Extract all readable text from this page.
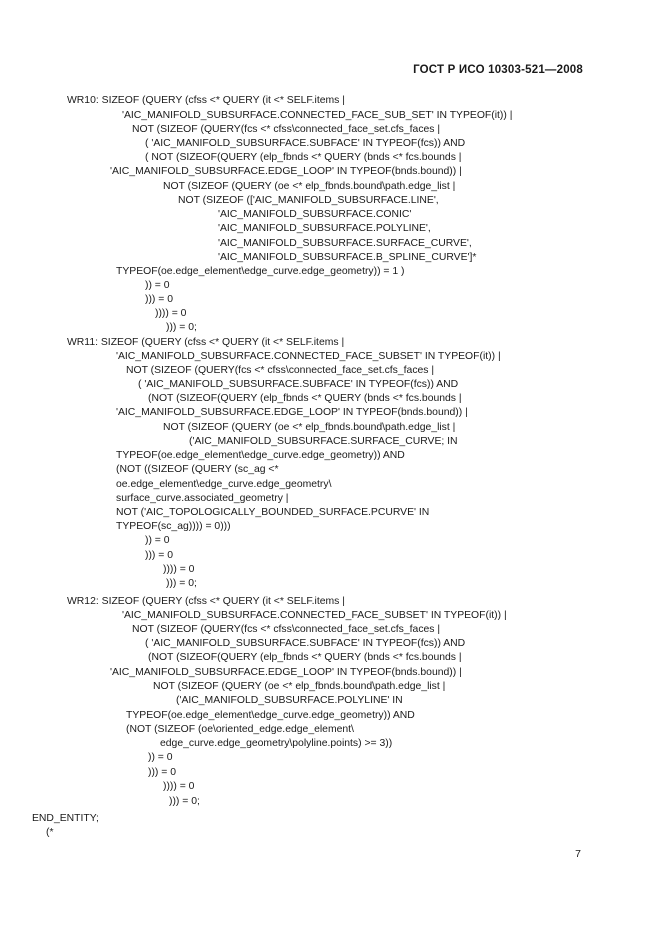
ГОСТ Р ИСО 10303-521—2008
WR10: SIZEOF (QUERY (cfss <* QUERY (it <* SELF.items |
'AIC_MANIFOLD_SUBSURFACE.CONNECTED_FACE_SUB_SET' IN TYPEOF(it)) |
NOT (SIZEOF (QUERY(fcs <* cfss\connected_face_set.cfs_faces |
( 'AIC_MANIFOLD_SUBSURFACE.SUBFACE' IN TYPEOF(fcs)) AND
( NOT (SIZEOF(QUERY (elp_fbnds <* QUERY (bnds <* fcs.bounds |
'AIC_MANIFOLD_SUBSURFACE.EDGE_LOOP' IN TYPEOF(bnds.bound)) |
NOT (SIZEOF (QUERY (oe <* elp_fbnds.bound\path.edge_list |
NOT (SIZEOF (['AIC_MANIFOLD_SUBSURFACE.LINE',
'AIC_MANIFOLD_SUBSURFACE.CONIC'
'AIC_MANIFOLD_SUBSURFACE.POLYLINE',
'AIC_MANIFOLD_SUBSURFACE.SURFACE_CURVE',
'AIC_MANIFOLD_SUBSURFACE.B_SPLINE_CURVE']*
TYPEOF(oe.edge_element\edge_curve.edge_geometry)) = 1 )
)) = 0
))) = 0
)))) = 0
))) = 0;
WR11: SIZEOF (QUERY (cfss <* QUERY (it <* SELF.items |
'AIC_MANIFOLD_SUBSURFACE.CONNECTED_FACE_SUBSET' IN TYPEOF(it)) |
NOT (SIZEOF (QUERY(fcs <* cfss\connected_face_set.cfs_faces |
( 'AIC_MANIFOLD_SUBSURFACE.SUBFACE' IN TYPEOF(fcs)) AND
(NOT (SIZEOF(QUERY (elp_fbnds <* QUERY (bnds <* fcs.bounds |
'AIC_MANIFOLD_SUBSURFACE.EDGE_LOOP' IN TYPEOF(bnds.bound)) |
NOT (SIZEOF (QUERY (oe <* elp_fbnds.bound\path.edge_list |
('AIC_MANIFOLD_SUBSURFACE.SURFACE_CURVE; IN
TYPEOF(oe.edge_element\edge_curve.edge_geometry)) AND
(NOT ((SIZEOF (QUERY (sc_ag <*
oe.edge_element\edge_curve.edge_geometry\
surface_curve.associated_geometry |
NOT ('AIC_TOPOLOGICALLY_BOUNDED_SURFACE.PCURVE' IN
TYPEOF(sc_ag)))) = 0)))
)) = 0
))) = 0
)))) = 0
))) = 0;
WR12: SIZEOF (QUERY (cfss <* QUERY (it <* SELF.items |
'AIC_MANIFOLD_SUBSURFACE.CONNECTED_FACE_SUBSET' IN TYPEOF(it)) |
NOT (SIZEOF (QUERY(fcs <* cfss\connected_face_set.cfs_faces |
( 'AIC_MANIFOLD_SUBSURFACE.SUBFACE' IN TYPEOF(fcs)) AND
(NOT (SIZEOF(QUERY (elp_fbnds <* QUERY (bnds <* fcs.bounds |
'AIC_MANIFOLD_SUBSURFACE.EDGE_LOOP' IN TYPEOF(bnds.bound)) |
NOT (SIZEOF (QUERY (oe <* elp_fbnds.bound\path.edge_list |
('AIC_MANIFOLD_SUBSURFACE.POLYLINE' IN
TYPEOF(oe.edge_element\edge_curve.edge_geometry)) AND
(NOT (SIZEOF (oe\oriented_edge.edge_element\
edge_curve.edge_geometry\polyline.points) >= 3))
)) = 0
))) = 0
)))) = 0
))) = 0;
END_ENTITY;
(*
7
